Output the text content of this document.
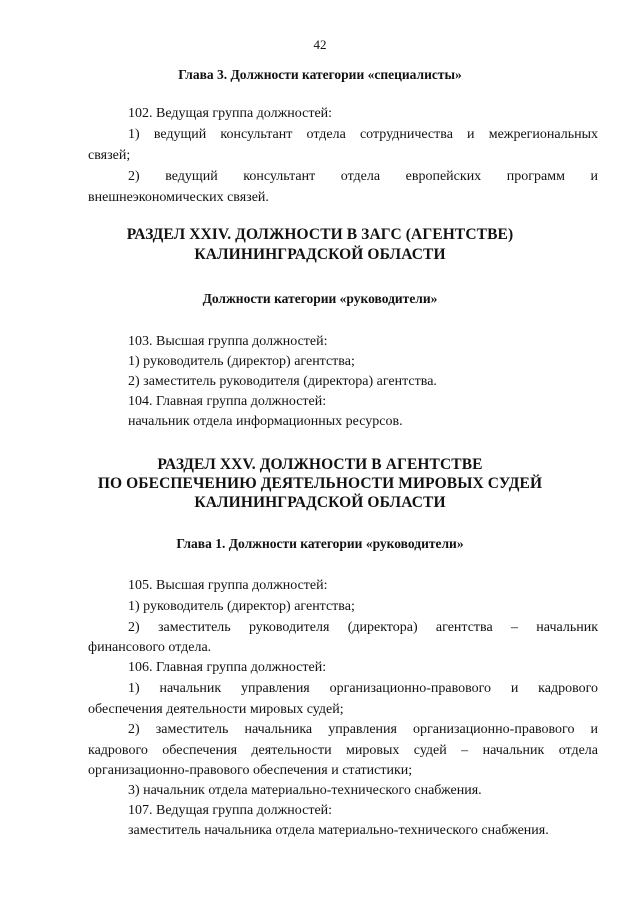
42
Глава 3. Должности категории «специалисты»
102. Ведущая группа должностей:
1) ведущий консультант отдела сотрудничества и межрегиональных
связей;
2) ведущий консультант отдела европейских программ и
внешнеэкономических связей.
РАЗДЕЛ XXIV. ДОЛЖНОСТИ В ЗАГС (АГЕНТСТВЕ)
КАЛИНИНГРАДСКОЙ ОБЛАСТИ
Должности категории «руководители»
103. Высшая группа должностей:
1) руководитель (директор) агентства;
2) заместитель руководителя (директора) агентства.
104. Главная группа должностей:
начальник отдела информационных ресурсов.
РАЗДЕЛ XXV. ДОЛЖНОСТИ В АГЕНТСТВЕ
ПО ОБЕСПЕЧЕНИЮ ДЕЯТЕЛЬНОСТИ МИРОВЫХ СУДЕЙ
КАЛИНИНГРАДСКОЙ ОБЛАСТИ
Глава 1. Должности категории «руководители»
105. Высшая группа должностей:
1) руководитель (директор) агентства;
2) заместитель руководителя (директора) агентства – начальник
финансового отдела.
106. Главная группа должностей:
1) начальник управления организационно-правового и кадрового
обеспечения деятельности мировых судей;
2) заместитель начальника управления организационно-правового и
кадрового обеспечения деятельности мировых судей – начальник отдела
организационно-правового обеспечения и статистики;
3) начальник отдела материально-технического снабжения.
107. Ведущая группа должностей:
заместитель начальника отдела материально-технического снабжения.
